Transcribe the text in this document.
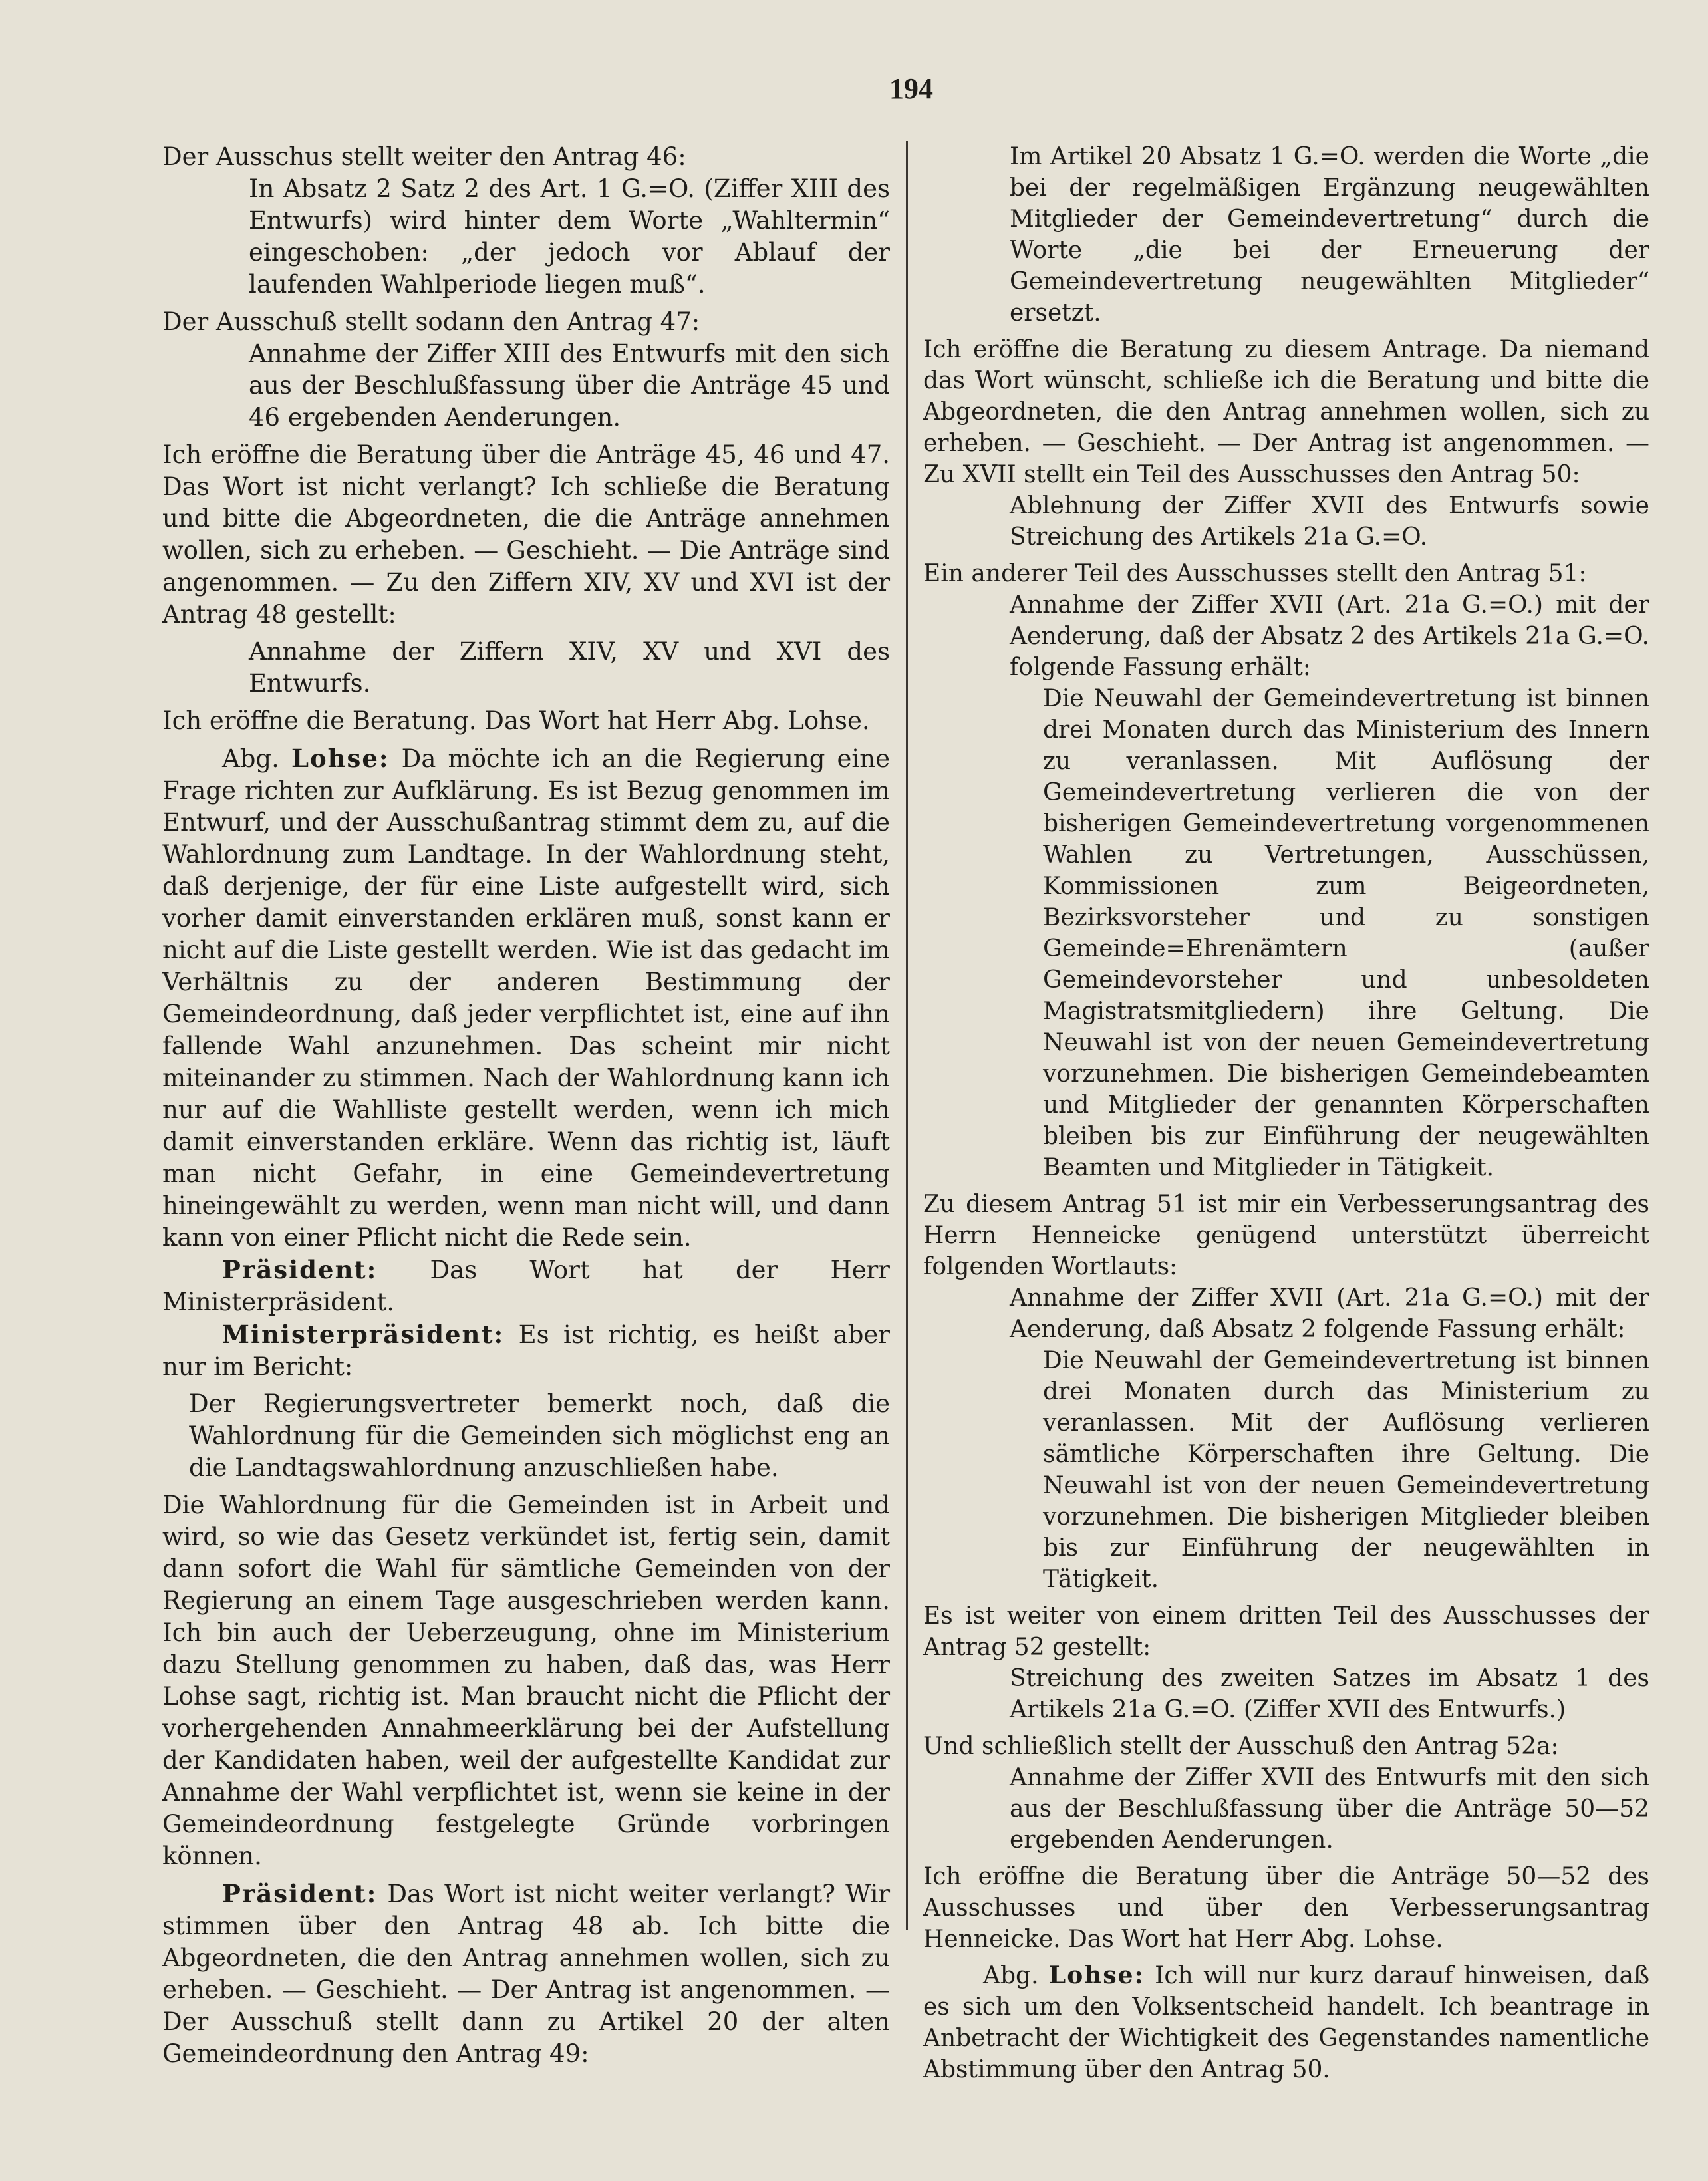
194

Der Ausschus stellt weiter den Antrag 46:

In Absatz 2 Satz 2 des Art. 1 G.=O. (Ziffer XIII des Entwurfs) wird hinter dem Worte „Wahltermin“ eingeschoben: „der jedoch vor Ablauf der laufenden Wahlperiode liegen muß“.

Der Ausschuß stellt sodann den Antrag 47:

Annahme der Ziffer XIII des Entwurfs mit den sich aus der Beschlußfassung über die Anträge 45 und 46 ergebenden Aenderungen.

Ich eröffne die Beratung über die Anträge 45, 46 und 47. Das Wort ist nicht verlangt? Ich schließe die Beratung und bitte die Abgeordneten, die die Anträge annehmen wollen, sich zu erheben. — Geschieht. — Die Anträge sind angenommen. — Zu den Ziffern XIV, XV und XVI ist der Antrag 48 gestellt:

Annahme der Ziffern XIV, XV und XVI des Entwurfs.

Ich eröffne die Beratung. Das Wort hat Herr Abg. Lohse.

Abg. Lohse: Da möchte ich an die Regierung eine Frage richten zur Aufklärung. Es ist Bezug genommen im Entwurf, und der Ausschußantrag stimmt dem zu, auf die Wahlordnung zum Landtage. In der Wahlordnung steht, daß derjenige, der für eine Liste aufgestellt wird, sich vorher damit einverstanden erklären muß, sonst kann er nicht auf die Liste gestellt werden. Wie ist das gedacht im Verhältnis zu der anderen Bestimmung der Gemeindeordnung, daß jeder verpflichtet ist, eine auf ihn fallende Wahl anzunehmen. Das scheint mir nicht miteinander zu stimmen. Nach der Wahlordnung kann ich nur auf die Wahlliste gestellt werden, wenn ich mich damit einverstanden erkläre. Wenn das richtig ist, läuft man nicht Gefahr, in eine Gemeindevertretung hineingewählt zu werden, wenn man nicht will, und dann kann von einer Pflicht nicht die Rede sein.

Präsident: Das Wort hat der Herr Ministerpräsident.

Ministerpräsident: Es ist richtig, es heißt aber nur im Bericht:

Der Regierungsvertreter bemerkt noch, daß die Wahlordnung für die Gemeinden sich möglichst eng an die Landtagswahlordnung anzuschließen habe.

Die Wahlordnung für die Gemeinden ist in Arbeit und wird, so wie das Gesetz verkündet ist, fertig sein, damit dann sofort die Wahl für sämtliche Gemeinden von der Regierung an einem Tage ausgeschrieben werden kann. Ich bin auch der Ueberzeugung, ohne im Ministerium dazu Stellung genommen zu haben, daß das, was Herr Lohse sagt, richtig ist. Man braucht nicht die Pflicht der vorhergehenden Annahmeerklärung bei der Aufstellung der Kandidaten haben, weil der aufgestellte Kandidat zur Annahme der Wahl verpflichtet ist, wenn sie keine in der Gemeindeordnung festgelegte Gründe vorbringen können.

Präsident: Das Wort ist nicht weiter verlangt? Wir stimmen über den Antrag 48 ab. Ich bitte die Abgeordneten, die den Antrag annehmen wollen, sich zu erheben. — Geschieht. — Der Antrag ist angenommen. — Der Ausschuß stellt dann zu Artikel 20 der alten Gemeindeordnung den Antrag 49:

Im Artikel 20 Absatz 1 G.=O. werden die Worte „die bei der regelmäßigen Ergänzung neugewählten Mitglieder der Gemeindevertretung“ durch die Worte „die bei der Erneuerung der Gemeindevertretung neugewählten Mitglieder“ ersetzt.

Ich eröffne die Beratung zu diesem Antrage. Da niemand das Wort wünscht, schließe ich die Beratung und bitte die Abgeordneten, die den Antrag annehmen wollen, sich zu erheben. — Geschieht. — Der Antrag ist angenommen. — Zu XVII stellt ein Teil des Ausschusses den Antrag 50:

Ablehnung der Ziffer XVII des Entwurfs sowie Streichung des Artikels 21a G.=O.

Ein anderer Teil des Ausschusses stellt den Antrag 51:

Annahme der Ziffer XVII (Art. 21a G.=O.) mit der Aenderung, daß der Absatz 2 des Artikels 21a G.=O. folgende Fassung erhält:

Die Neuwahl der Gemeindevertretung ist binnen drei Monaten durch das Ministerium des Innern zu veranlassen. Mit Auflösung der Gemeindevertretung verlieren die von der bisherigen Gemeindevertretung vorgenommenen Wahlen zu Vertretungen, Ausschüssen, Kommissionen zum Beigeordneten, Bezirksvorsteher und zu sonstigen Gemeinde=Ehrenämtern (außer Gemeindevorsteher und unbesoldeten Magistratsmitgliedern) ihre Geltung. Die Neuwahl ist von der neuen Gemeindevertretung vorzunehmen. Die bisherigen Gemeindebeamten und Mitglieder der genannten Körperschaften bleiben bis zur Einführung der neugewählten Beamten und Mitglieder in Tätigkeit.

Zu diesem Antrag 51 ist mir ein Verbesserungsantrag des Herrn Henneicke genügend unterstützt überreicht folgenden Wortlauts:

Annahme der Ziffer XVII (Art. 21a G.=O.) mit der Aenderung, daß Absatz 2 folgende Fassung erhält:

Die Neuwahl der Gemeindevertretung ist binnen drei Monaten durch das Ministerium zu veranlassen. Mit der Auflösung verlieren sämtliche Körperschaften ihre Geltung. Die Neuwahl ist von der neuen Gemeindevertretung vorzunehmen. Die bisherigen Mitglieder bleiben bis zur Einführung der neugewählten in Tätigkeit.

Es ist weiter von einem dritten Teil des Ausschusses der Antrag 52 gestellt:

Streichung des zweiten Satzes im Absatz 1 des Artikels 21a G.=O. (Ziffer XVII des Entwurfs.)

Und schließlich stellt der Ausschuß den Antrag 52a:

Annahme der Ziffer XVII des Entwurfs mit den sich aus der Beschlußfassung über die Anträge 50—52 ergebenden Aenderungen.

Ich eröffne die Beratung über die Anträge 50—52 des Ausschusses und über den Verbesserungsantrag Henneicke. Das Wort hat Herr Abg. Lohse.

Abg. Lohse: Ich will nur kurz darauf hinweisen, daß es sich um den Volksentscheid handelt. Ich beantrage in Anbetracht der Wichtigkeit des Gegenstandes namentliche Abstimmung über den Antrag 50.
